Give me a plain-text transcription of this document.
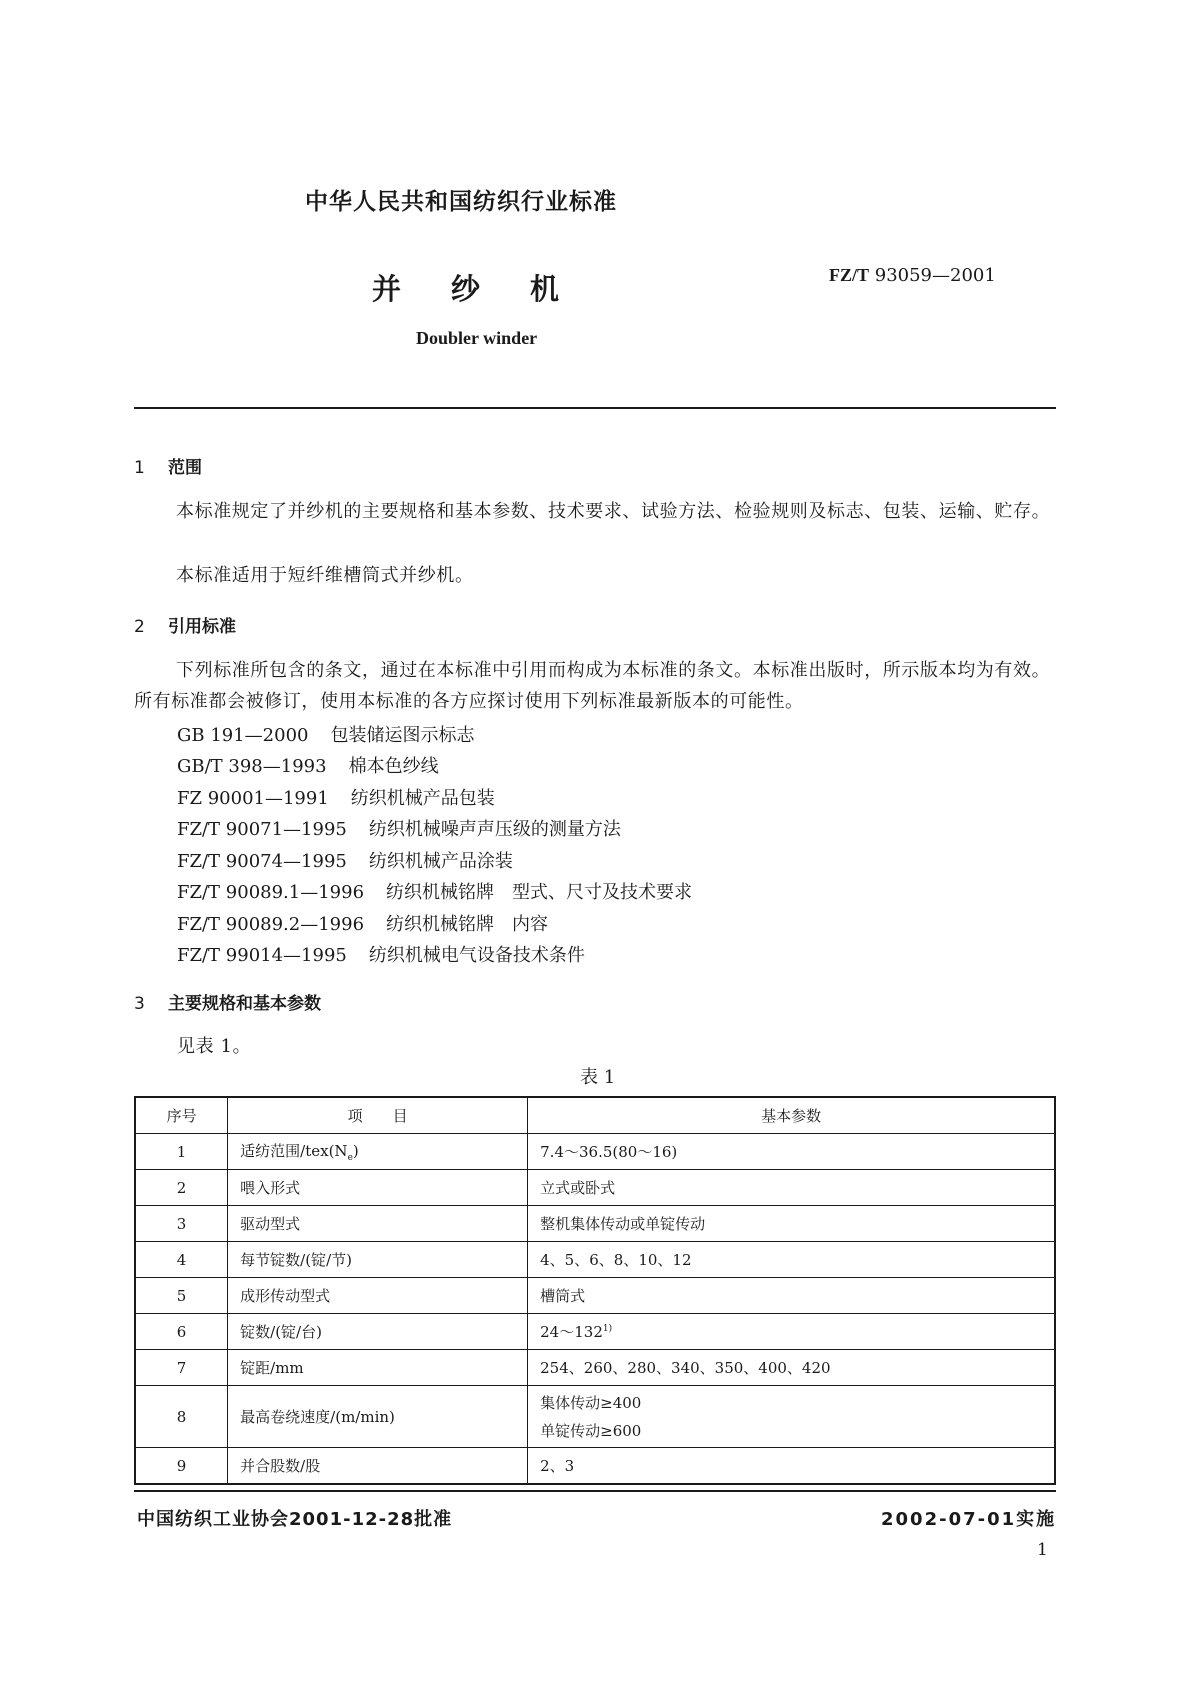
中华人民共和国纺织行业标准
并纱机	FZ/T 93059—2001
Doubler winder
1 范围
本标准规定了并纱机的主要规格和基本参数、技术要求、试验方法、检验规则及标志、包装、运输、贮存。
本标准适用于短纤维槽筒式并纱机。
2 引用标准
下列标准所包含的条文，通过在本标准中引用而构成为本标准的条文。本标准出版时，所示版本均为有效。所有标准都会被修订，使用本标准的各方应探讨使用下列标准最新版本的可能性。
GB 191—2000 包装储运图示标志
GB/T 398—1993 棉本色纱线
FZ 90001—1991 纺织机械产品包装
FZ/T 90071—1995 纺织机械噪声声压级的测量方法
FZ/T 90074—1995 纺织机械产品涂装
FZ/T 90089.1—1996 纺织机械铭牌　型式、尺寸及技术要求
FZ/T 90089.2—1996 纺织机械铭牌　内容
FZ/T 99014—1995 纺织机械电气设备技术条件
3 主要规格和基本参数
见表 1。
表 1
序号	项　　目	基本参数
1	适纺范围$/tex(N_e)$	7.4～36.5(80～16)
2	喂入形式	立式或卧式
3	驱动型式	整机集体传动或单锭传动
4	每节锭数/(锭/节)	4、5、6、8、10、12
5	成形传动型式	槽筒式
6	锭数/(锭/台)	24～132$^{1)}$
7	锭距/mm	254、260、280、340、350、400、420
8	最高卷绕速度/(m/min)	集体传动≥400
单锭传动≥600

9	并合股数/股	2、3
中国纺织工业协会2001-12-28批准	2002-07-01实施
1
